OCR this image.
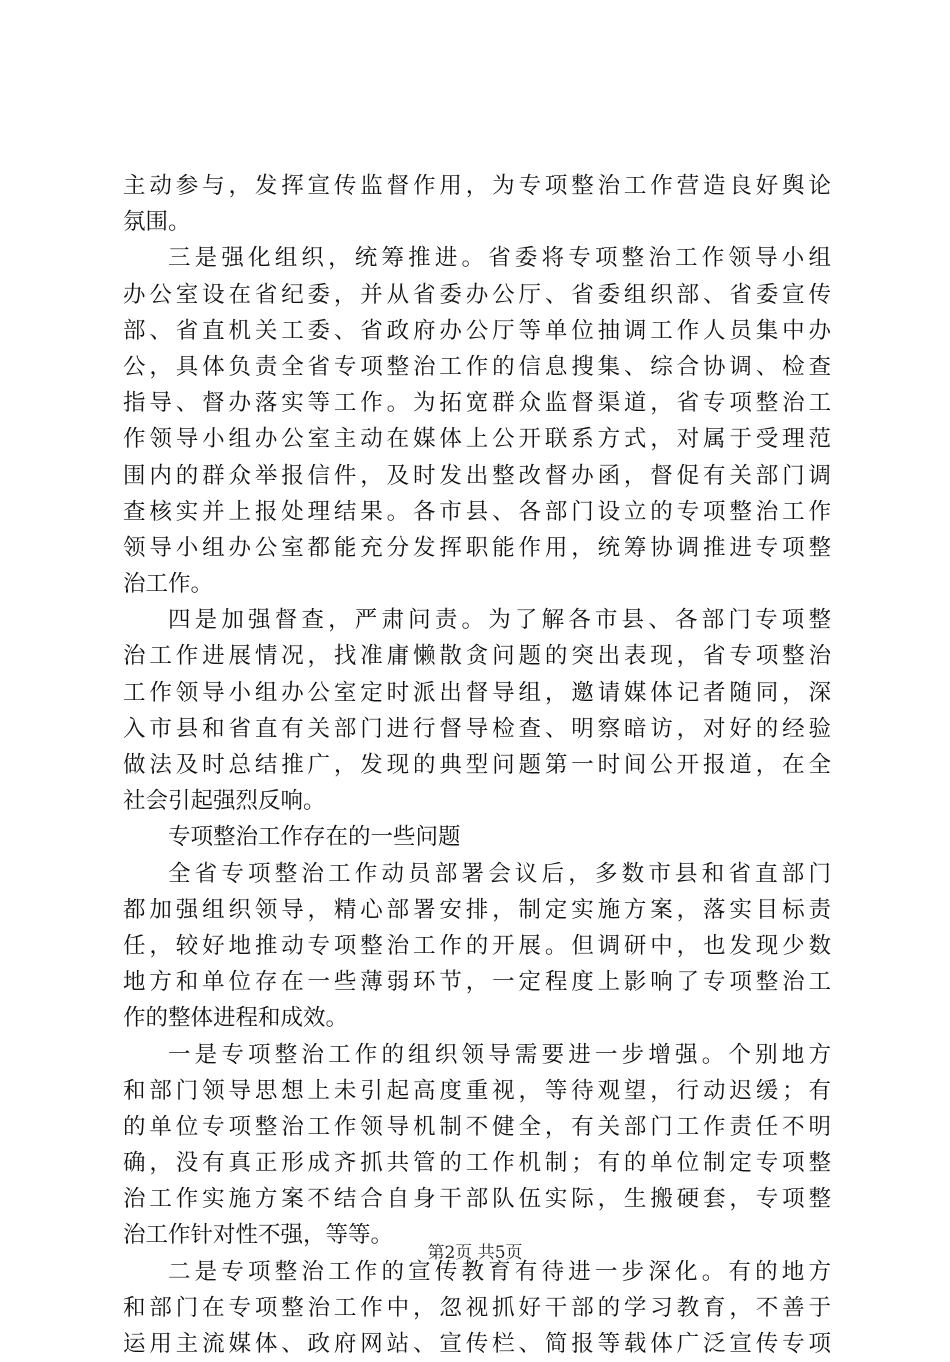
主动参与，发挥宣传监督作用，为专项整治工作营造良好舆论
氛围。
三是强化组织，统筹推进。省委将专项整治工作领导小组
办公室设在省纪委，并从省委办公厅、省委组织部、省委宣传
部、省直机关工委、省政府办公厅等单位抽调工作人员集中办
公，具体负责全省专项整治工作的信息搜集、综合协调、检查
指导、督办落实等工作。为拓宽群众监督渠道，省专项整治工
作领导小组办公室主动在媒体上公开联系方式，对属于受理范
围内的群众举报信件，及时发出整改督办函，督促有关部门调
查核实并上报处理结果。各市县、各部门设立的专项整治工作
领导小组办公室都能充分发挥职能作用，统筹协调推进专项整
治工作。
四是加强督查，严肃问责。为了解各市县、各部门专项整
治工作进展情况，找准庸懒散贪问题的突出表现，省专项整治
工作领导小组办公室定时派出督导组，邀请媒体记者随同，深
入市县和省直有关部门进行督导检查、明察暗访，对好的经验
做法及时总结推广，发现的典型问题第一时间公开报道，在全
社会引起强烈反响。
专项整治工作存在的一些问题
全省专项整治工作动员部署会议后，多数市县和省直部门
都加强组织领导，精心部署安排，制定实施方案，落实目标责
任，较好地推动专项整治工作的开展。但调研中，也发现少数
地方和单位存在一些薄弱环节，一定程度上影响了专项整治工
作的整体进程和成效。
一是专项整治工作的组织领导需要进一步增强。个别地方
和部门领导思想上未引起高度重视，等待观望，行动迟缓；有
的单位专项整治工作领导机制不健全，有关部门工作责任不明
确，没有真正形成齐抓共管的工作机制；有的单位制定专项整
治工作实施方案不结合自身干部队伍实际，生搬硬套，专项整
治工作针对性不强，等等。
二是专项整治工作的宣传教育有待进一步深化。有的地方
和部门在专项整治工作中，忽视抓好干部的学习教育，不善于
运用主流媒体、政府网站、宣传栏、简报等载体广泛宣传专项
第2页 共5页
